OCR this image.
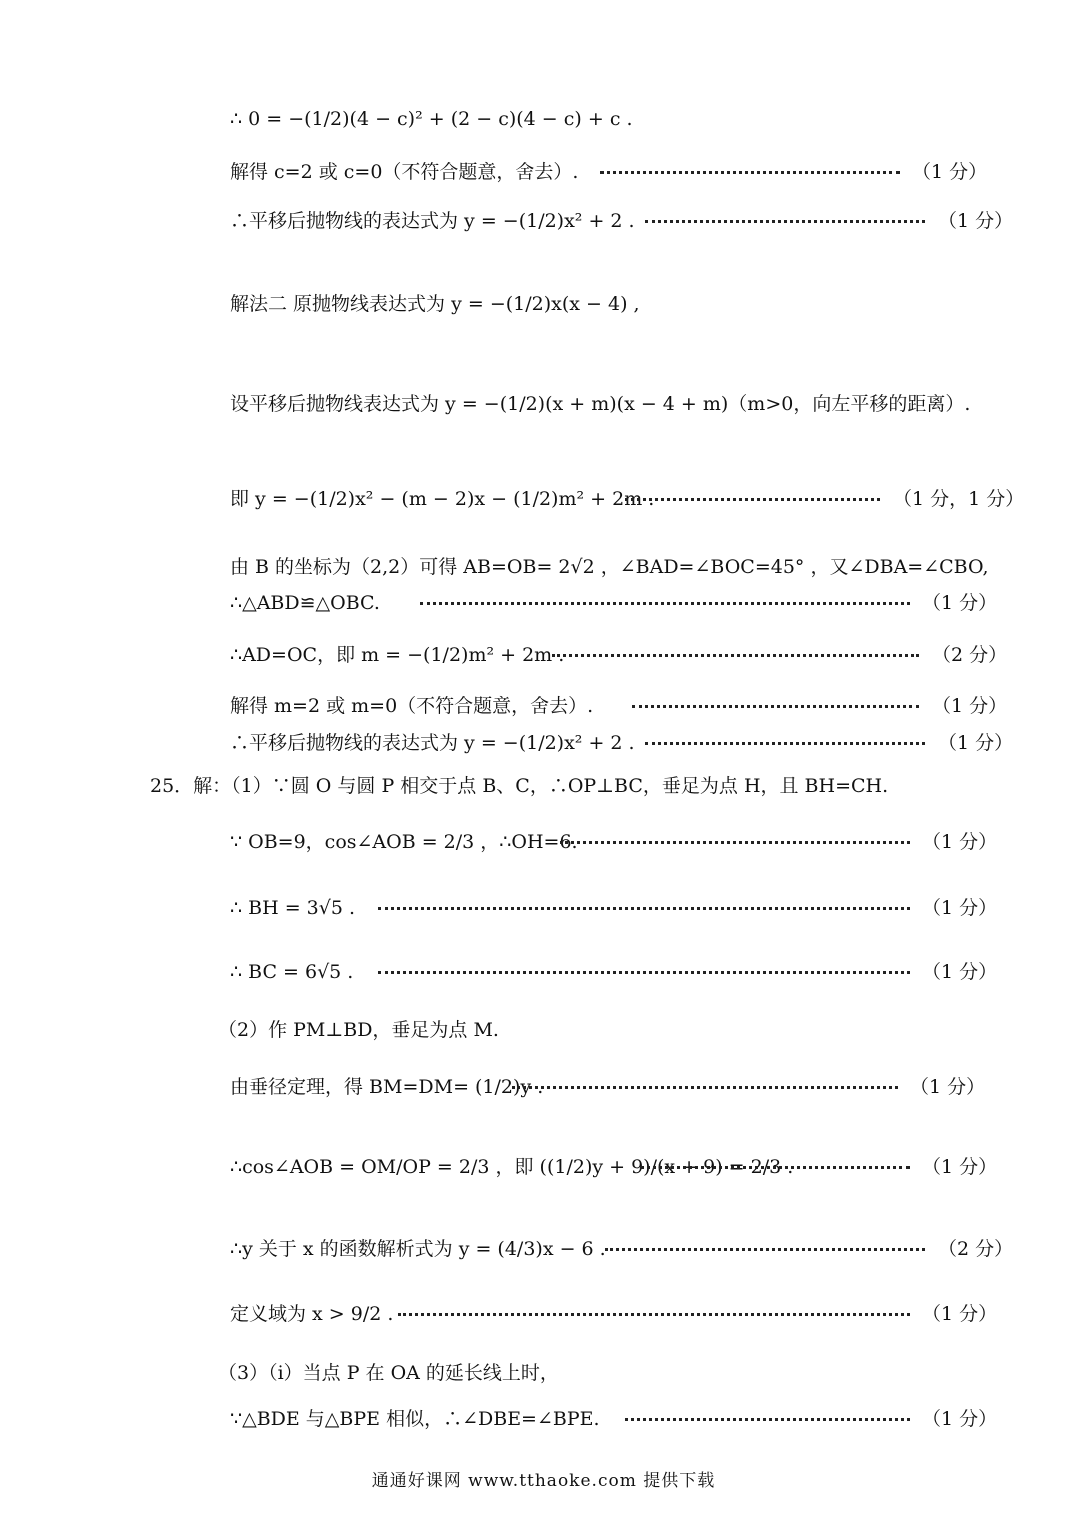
∴ 0 = −(1/2)(4 − c)² + (2 − c)(4 − c) + c .
解得 c=2 或 c=0（不符合题意，舍去）.	（1 分）
∴平移后抛物线的表达式为 y = −(1/2)x² + 2 .	（1 分）
解法二 原抛物线表达式为 y = −(1/2)x(x − 4) ,
设平移后抛物线表达式为 y = −(1/2)(x + m)(x − 4 + m)（m>0，向左平移的距离）.
即 y = −(1/2)x² − (m − 2)x − (1/2)m² + 2m .	（1 分，1 分）
由 B 的坐标为（2,2）可得 AB=OB= 2√2 ，∠BAD=∠BOC=45° ，又∠DBA=∠CBO,
∴△ABD≌△OBC.	（1 分）
∴AD=OC，即 m = −(1/2)m² + 2m .	（2 分）
解得 m=2 或 m=0（不符合题意，舍去）.	（1 分）
∴平移后抛物线的表达式为 y = −(1/2)x² + 2 .	（1 分）
25．解：（1）∵圆 O 与圆 P 相交于点 B、C，∴OP⊥BC，垂足为点 H，且 BH=CH.
∵ OB=9，cos∠AOB = 2/3 ，∴OH=6.	（1 分）
∴ BH = 3√5 .	（1 分）
∴ BC = 6√5 .	（1 分）
（2）作 PM⊥BD，垂足为点 M.
由垂径定理，得 BM=DM= (1/2)y .	（1 分）
∴cos∠AOB = OM/OP = 2/3 ，即 ((1/2)y + 9)/(x + 9) = 2/3 .	（1 分）
∴y 关于 x 的函数解析式为 y = (4/3)x − 6 .	（2 分）
定义域为 x > 9/2 .	（1 分）
（3）（i）当点 P 在 OA 的延长线上时，
∵△BDE 与△BPE 相似，∴∠DBE=∠BPE.	（1 分）
通通好课网 www.tthaoke.com 提供下载
